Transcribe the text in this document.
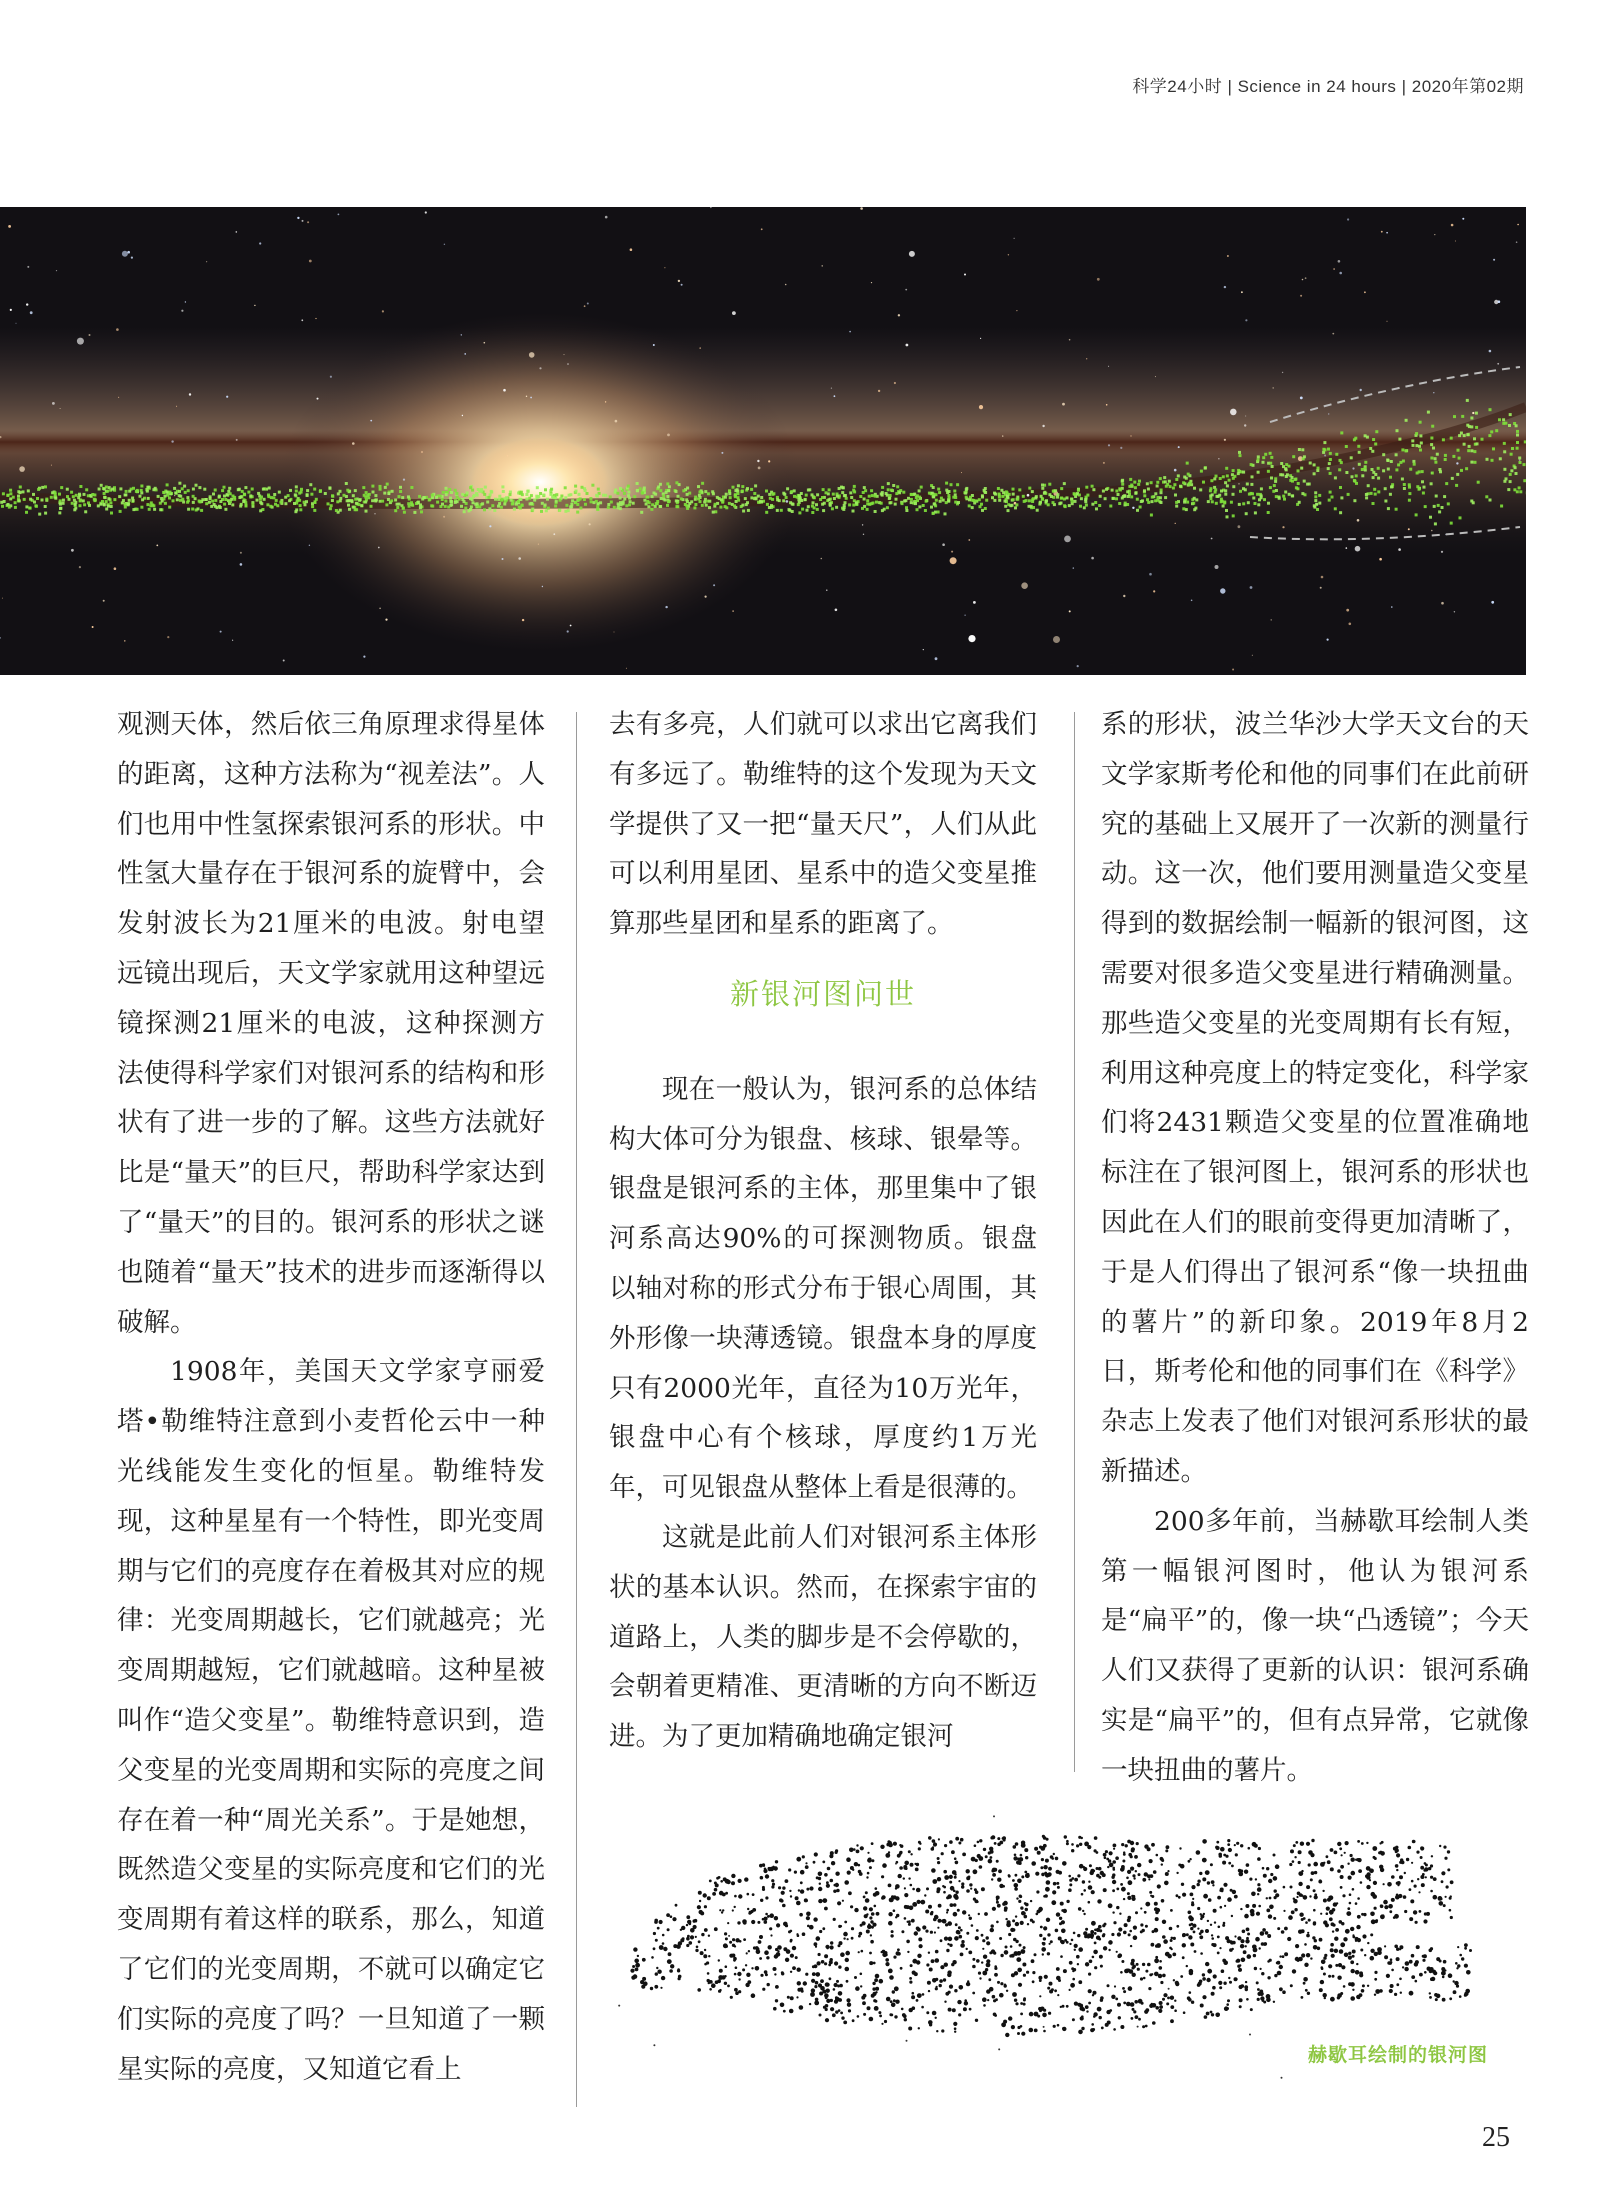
科学24小时 | Science in 24 hours | 2020年第02期

观测天体，然后依三角原理求得星体的距离，这种方法称为“视差法”。人们也用中性氢探索银河系的形状。中性氢大量存在于银河系的旋臂中，会发射波长为21厘米的电波。射电望远镜出现后，天文学家就用这种望远镜探测21厘米的电波，这种探测方法使得科学家们对银河系的结构和形状有了进一步的了解。这些方法就好比是“量天”的巨尺，帮助科学家达到了“量天”的目的。银河系的形状之谜也随着“量天”技术的进步而逐渐得以破解。

1908年，美国天文学家亨丽爱塔•勒维特注意到小麦哲伦云中一种光线能发生变化的恒星。勒维特发现，这种星星有一个特性，即光变周期与它们的亮度存在着极其对应的规律：光变周期越长，它们就越亮；光变周期越短，它们就越暗。这种星被叫作“造父变星”。勒维特意识到，造父变星的光变周期和实际的亮度之间存在着一种“周光关系”。于是她想，既然造父变星的实际亮度和它们的光变周期有着这样的联系，那么，知道了它们的光变周期，不就可以确定它们实际的亮度了吗？一旦知道了一颗星实际的亮度，又知道它看上

去有多亮，人们就可以求出它离我们有多远了。勒维特的这个发现为天文学提供了又一把“量天尺”，人们从此可以利用星团、星系中的造父变星推算那些星团和星系的距离了。

新银河图问世

现在一般认为，银河系的总体结构大体可分为银盘、核球、银晕等。银盘是银河系的主体，那里集中了银河系高达90%的可探测物质。银盘以轴对称的形式分布于银心周围，其外形像一块薄透镜。银盘本身的厚度只有2000光年，直径为10万光年，银盘中心有个核球，厚度约1万光年，可见银盘从整体上看是很薄的。

这就是此前人们对银河系主体形状的基本认识。然而，在探索宇宙的道路上，人类的脚步是不会停歇的，会朝着更精准、更清晰的方向不断迈进。为了更加精确地确定银河

系的形状，波兰华沙大学天文台的天文学家斯考伦和他的同事们在此前研究的基础上又展开了一次新的测量行动。这一次，他们要用测量造父变星得到的数据绘制一幅新的银河图，这需要对很多造父变星进行精确测量。那些造父变星的光变周期有长有短，利用这种亮度上的特定变化，科学家们将2431颗造父变星的位置准确地标注在了银河图上，银河系的形状也因此在人们的眼前变得更加清晰了，于是人们得出了银河系“像一块扭曲的薯片”的新印象。2019年8月2日，斯考伦和他的同事们在《科学》杂志上发表了他们对银河系形状的最新描述。

200多年前，当赫歇耳绘制人类第一幅银河图时，他认为银河系是“扁平”的，像一块“凸透镜”；今天人们又获得了更新的认识：银河系确实是“扁平”的，但有点异常，它就像一块扭曲的薯片。

赫歇耳绘制的银河图
25
